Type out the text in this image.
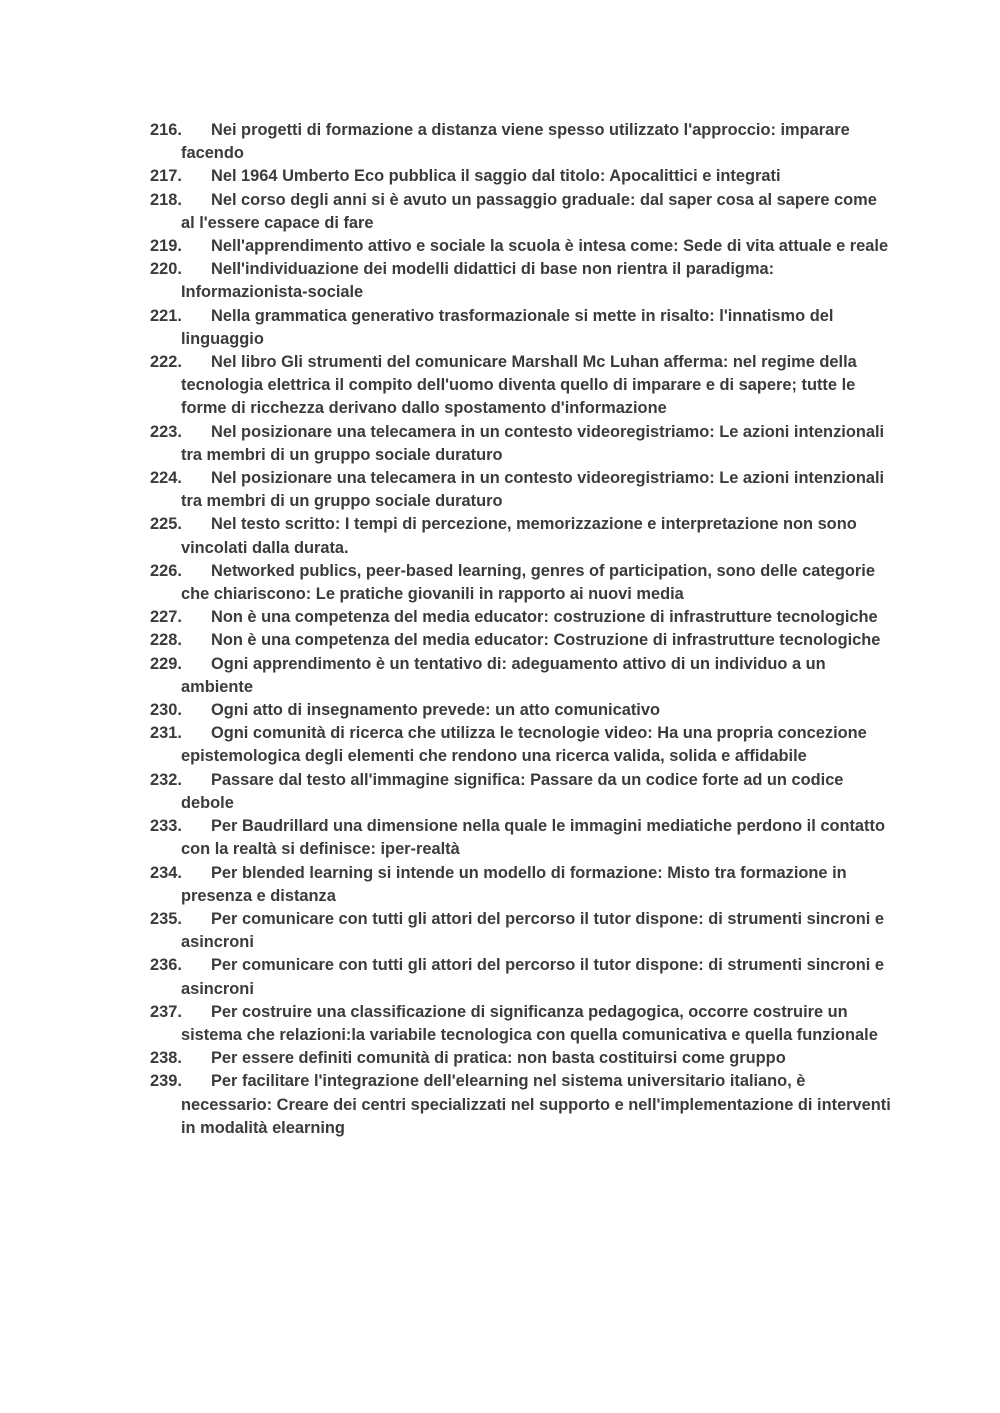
216.	Nei progetti di formazione a distanza viene spesso utilizzato l'approccio: imparare facendo
217.	Nel 1964 Umberto Eco pubblica il saggio dal titolo: Apocalittici e integrati
218.	Nel corso degli anni si è avuto un passaggio graduale: dal saper cosa al sapere come al l'essere capace di fare
219.	Nell'apprendimento attivo e sociale la scuola è intesa come: Sede di vita attuale e reale
220.	Nell'individuazione dei modelli didattici di base non rientra il paradigma: Informazionista-sociale
221.	Nella grammatica generativo trasformazionale si mette in risalto: l'innatismo del linguaggio
222.	Nel libro Gli strumenti del comunicare Marshall Mc Luhan afferma: nel regime della tecnologia elettrica il compito dell'uomo diventa quello di imparare e di sapere; tutte le forme di ricchezza derivano dallo spostamento d'informazione
223.	Nel posizionare una telecamera in un contesto videoregistriamo: Le azioni intenzionali tra membri di un gruppo sociale duraturo
224.	Nel posizionare una telecamera in un contesto videoregistriamo: Le azioni intenzionali tra membri di un gruppo sociale duraturo
225.	Nel testo scritto: I tempi di percezione, memorizzazione e interpretazione non sono vincolati dalla durata.
226.	Networked publics, peer-based learning, genres of participation, sono delle categorie che chiariscono: Le pratiche giovanili in rapporto ai nuovi media
227.	Non è una competenza del media educator: costruzione di infrastrutture tecnologiche
228.	Non è una competenza del media educator: Costruzione di infrastrutture tecnologiche
229.	Ogni apprendimento è un tentativo di: adeguamento attivo di un individuo a un ambiente
230.	Ogni atto di insegnamento prevede: un atto comunicativo
231.	Ogni comunità di ricerca che utilizza le tecnologie video: Ha una propria concezione epistemologica degli elementi che rendono una ricerca valida, solida e affidabile
232.	Passare dal testo all'immagine significa: Passare da un codice forte ad un codice debole
233.	Per Baudrillard una dimensione nella quale le immagini mediatiche perdono il contatto con la realtà si definisce: iper-realtà
234.	Per blended learning si intende un modello di formazione: Misto tra formazione in presenza e distanza
235.	Per comunicare con tutti gli attori del percorso il tutor dispone: di strumenti sincroni e asincroni
236.	Per comunicare con tutti gli attori del percorso il tutor dispone: di strumenti sincroni e asincroni
237.	Per costruire una classificazione di significanza pedagogica, occorre costruire un sistema che relazioni:la variabile tecnologica con quella comunicativa e quella funzionale
238.	Per essere definiti comunità di pratica: non basta costituirsi come gruppo
239.	Per facilitare l'integrazione dell'elearning nel sistema universitario italiano, è necessario: Creare dei centri specializzati nel supporto e nell'implementazione di interventi in modalità elearning
